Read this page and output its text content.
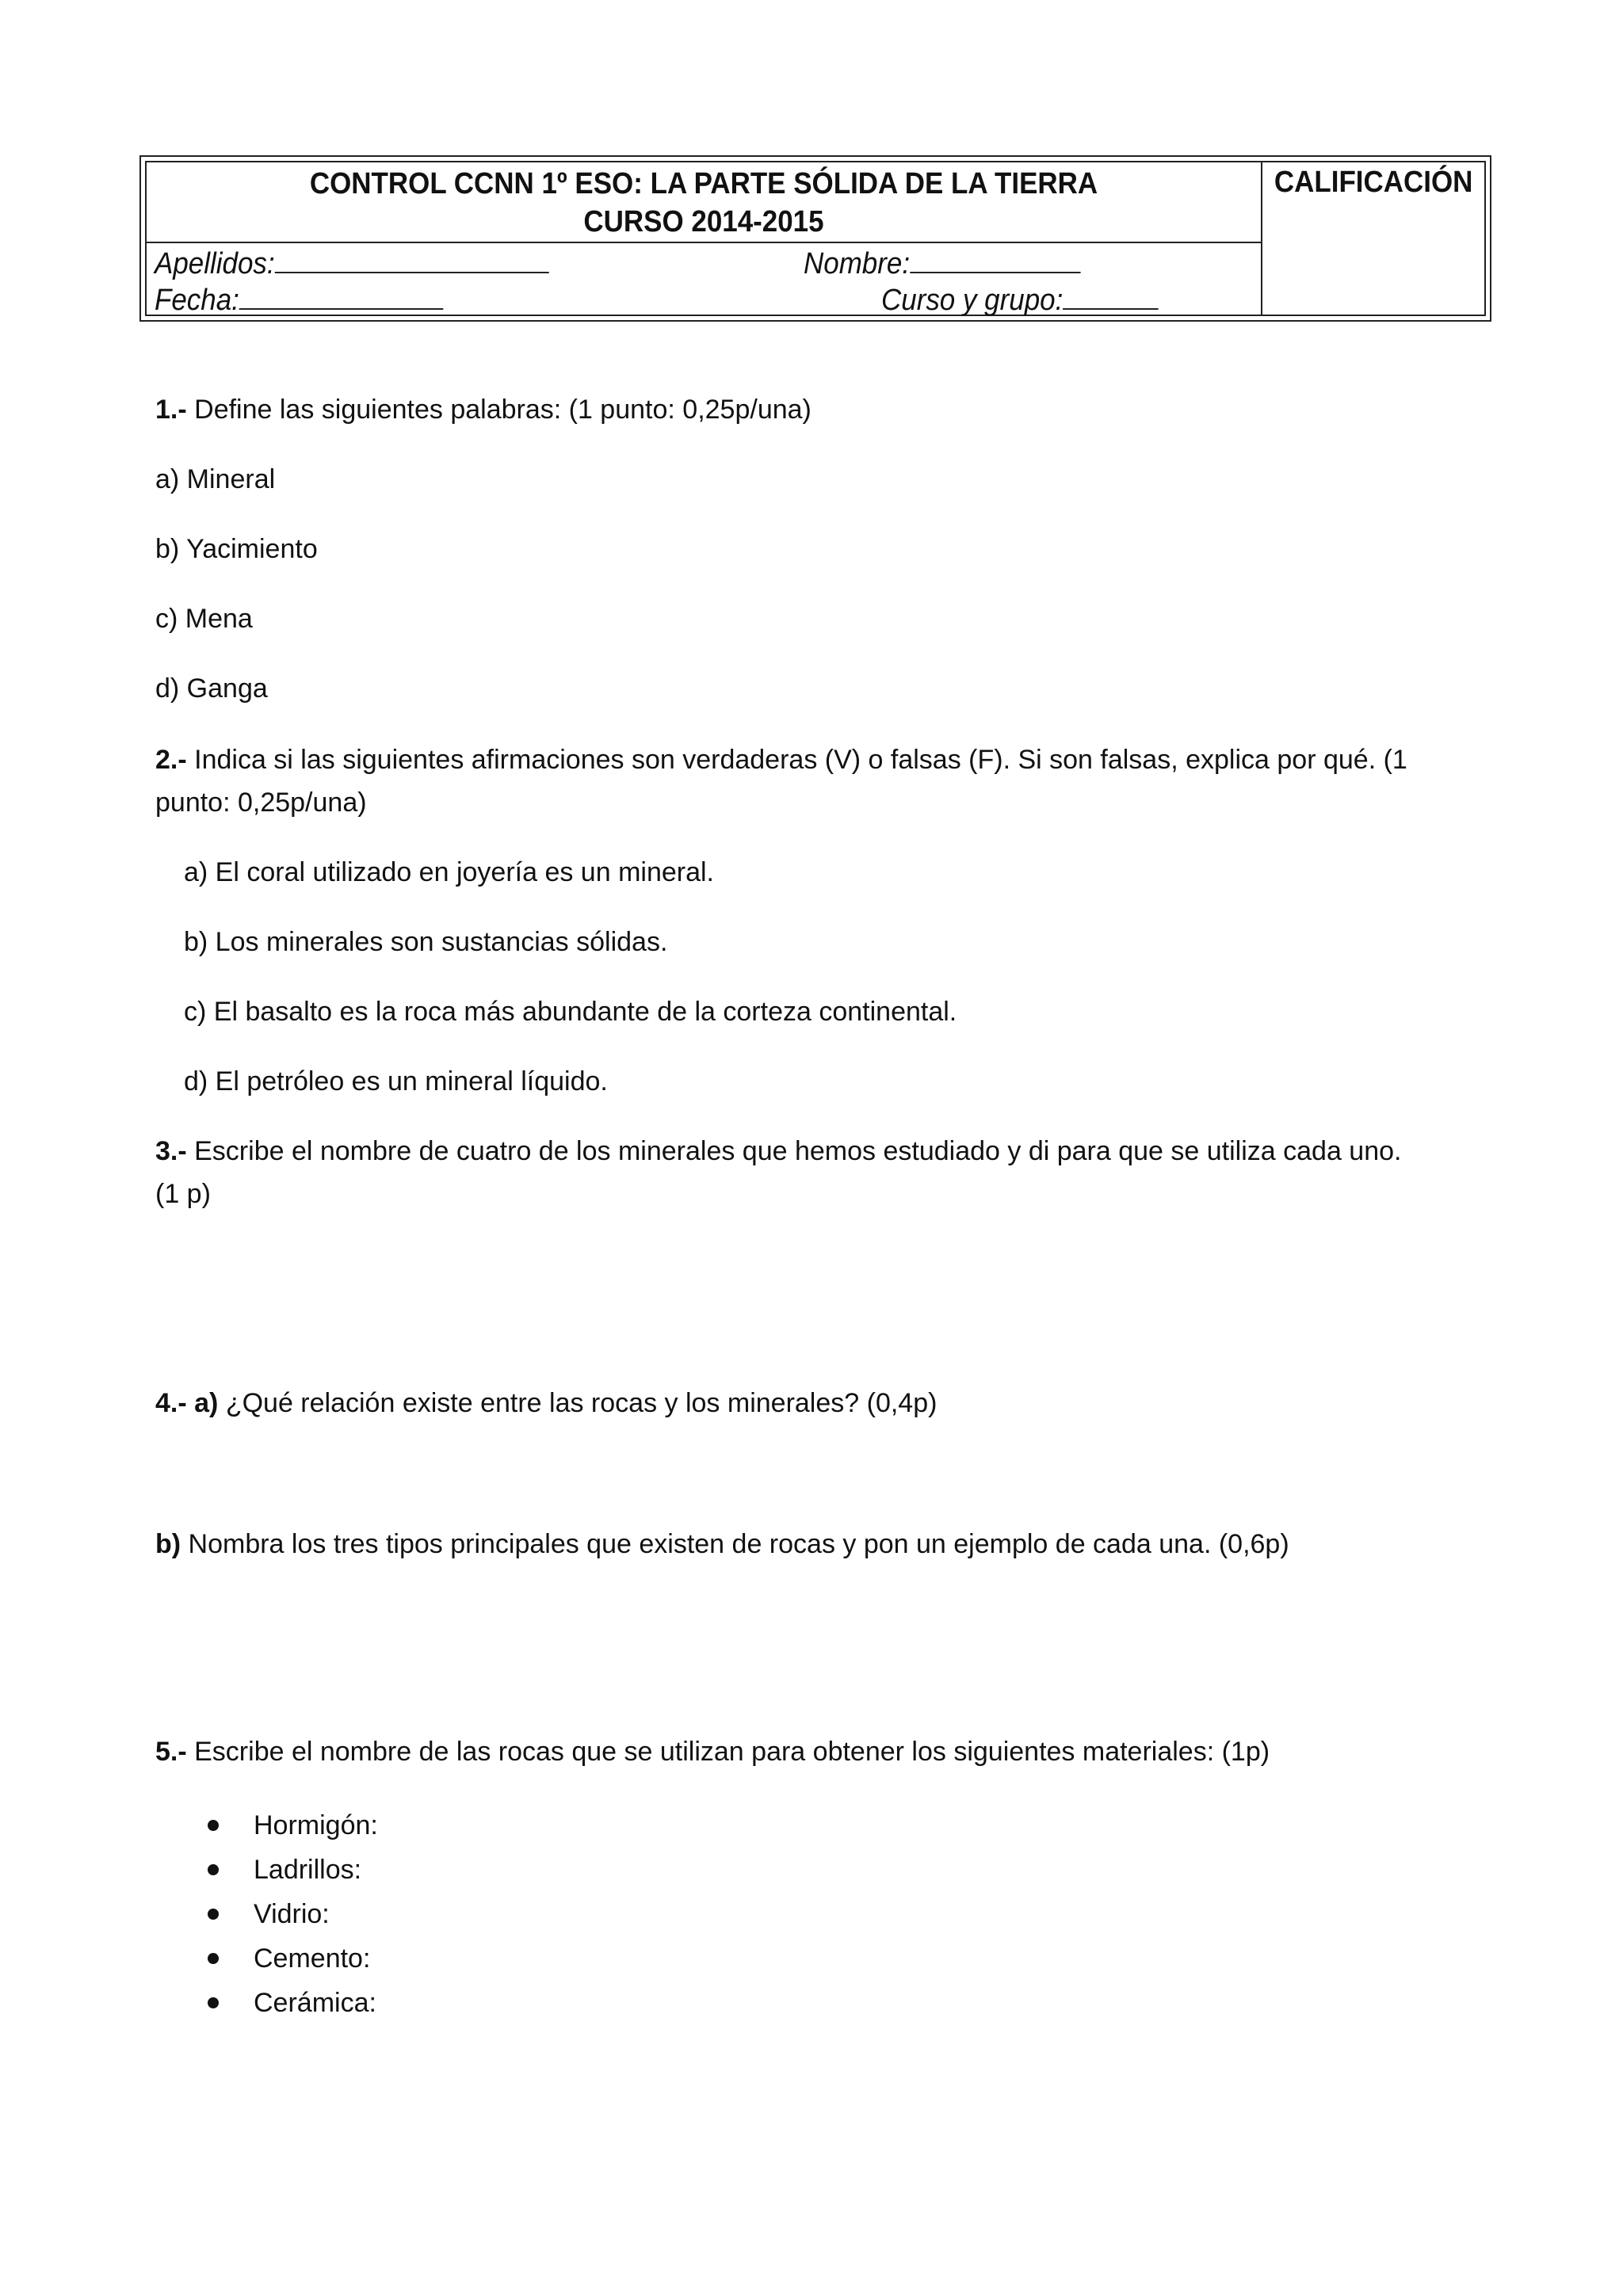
CONTROL CCNN 1º ESO: LA PARTE SÓLIDA DE LA TIERRA
CURSO 2014-2015
Apellidos:	Nombre:
Fecha:	Curso y grupo:
CALIFICACIÓN
1.- Define las siguientes palabras: (1 punto: 0,25p/una)
a) Mineral
b) Yacimiento
c) Mena
d) Ganga
2.- Indica si las siguientes afirmaciones son verdaderas (V) o falsas (F). Si son falsas, explica por qué. (1
punto: 0,25p/una)
a) El coral utilizado en joyería es un mineral.
b) Los minerales son sustancias sólidas.
c) El basalto es la roca más abundante de la corteza continental.
d) El petróleo es un mineral líquido.
3.- Escribe el nombre de cuatro de los minerales que hemos estudiado y di para que se utiliza cada uno.
(1 p)
4.- a) ¿Qué relación existe entre las rocas y los minerales? (0,4p)
b) Nombra los tres tipos principales que existen de rocas y pon un ejemplo de cada una. (0,6p)
5.- Escribe el nombre de las rocas que se utilizan para obtener los siguientes materiales: (1p)
Hormigón:
Ladrillos:
Vidrio:
Cemento:
Cerámica:
